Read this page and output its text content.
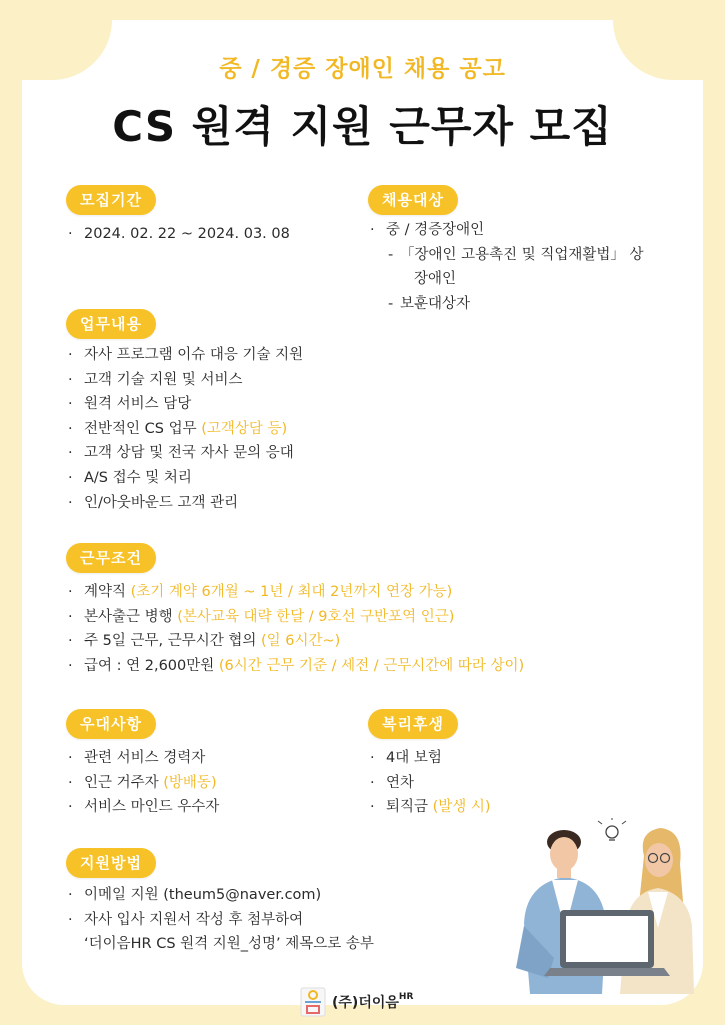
중 / 경증 장애인 채용 공고
CS 원격 지원 근무자 모집
모집기간
· 2024. 02. 22 ~ 2024. 03. 08
채용대상
· 중 / 경증장애인
- 「장애인 고용촉진 및 직업재활법」 상
장애인
- 보훈대상자
업무내용
· 자사 프로그램 이슈 대응 기술 지원
· 고객 기술 지원 및 서비스
· 원격 서비스 담당
· 전반적인 CS 업무 (고객상담 등)
· 고객 상담 및 전국 자사 문의 응대
· A/S 접수 및 처리
· 인/아웃바운드 고객 관리
근무조건
· 계약직 (초기 계약 6개월 ~ 1년 / 최대 2년까지 연장 가능)
· 본사출근 병행 (본사교육 대략 한달 / 9호선 구반포역 인근)
· 주 5일 근무, 근무시간 협의 (일 6시간~)
· 급여 : 연 2,600만원 (6시간 근무 기준 / 세전 / 근무시간에 따라 상이)
우대사항
· 관련 서비스 경력자
· 인근 거주자 (방배동)
· 서비스 마인드 우수자
복리후생
· 4대 보험
· 연차
· 퇴직금 (발생 시)
지원방법
· 이메일 지원 (theum5@naver.com)
· 자사 입사 지원서 작성 후 첨부하여
‘더이음HR CS 원격 지원_성명’ 제목으로 송부
(주)더이음$^{HR}$
